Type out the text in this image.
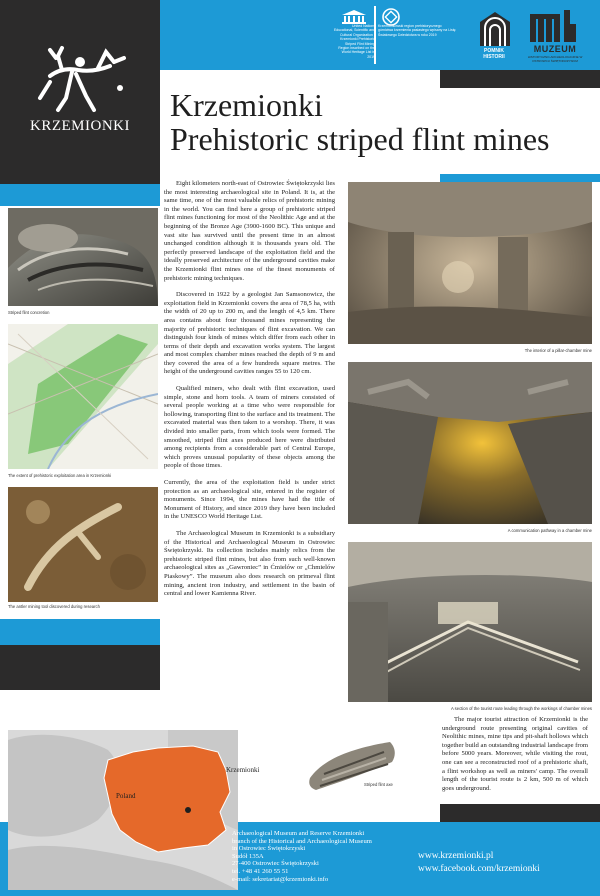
KRZEMIONKI
United Nations Educational, Scientific and Cultural Organization · Krzemionki Prehistoric Striped Flint Mining Region inscribed on the World Heritage List in 2019
Krzemionkowski region prehistorycznego górnictwa krzemienia pasiastego wpisany na Listę Światowego Dziedzictwa w roku 2019
POMNIK HISTORII
MUZEUM
HISTORYCZNO-ARCHEOLOGICZNE W OSTROWCU ŚWIĘTOKRZYSKIM
Krzemionki
Prehistoric striped flint mines
Striped flint concretion
The extent of prehistoric exploitation area in Krzemionki
The antler mining tool discovered during research

Eight kilometers north-east of Ostrowiec Świętokrzyski lies the most interesting archaeological site in Poland. It is, at the same time, one of the most valuable relics of prehistoric mining in the world. You can find here a group of prehistoric striped flint mines functioning for most of the Neolithic Age and at the beginning of the Bronze Age (3900-1600 BC). This unique and vast site has survived until the present time in an almost unchanged condition although it is thousands years old. The perfectly preserved landscape of the exploitation field and the ideally preserved architecture of the underground cavities make the Krzemionki flint mines one of the finest monuments of prehistoric mining techniques.

Discovered in 1922 by a geologist Jan Samsonowicz, the exploitation field in Krzemionki covers the area of 78,5 ha, with the width of 20 up to 200 m, and the length of 4,5 km. There area contains about four thousand mines representing the majority of prehistoric techniques of flint excavation. We can distinguish four kinds of mines which differ from each other in terms of their depth and excavation works system. The largest and most complex chamber mines reached the depth of 9 m and they covered the area of a few hundreds square metres. The height of the underground cavities ranges 55 to 120 cm.

Qualified miners, who dealt with flint excavation, used simple, stone and horn tools. A team of miners consisted of several people working at a time who were responsible for hollowing, transporting flint to the surface and its treatment. The excavated material was then taken to a worshop. There, it was divided into smaller parts, from which tools were formed. The smoothed, striped flint axes produced here were distributed among recipients from a considerable part of Central Europe, which proves unusual popularity of these objects among the people of those times.

Currently, the area of the exploitation field is under strict protection as an archaeological site, entered in the register of monuments. Since 1994, the mines have had the title of Monument of History, and since 2019 they have been included in the UNESCO World Heritage List.

The Archaeological Museum in Krzemionki is a subsidiary of the Historical and Archaeological Museum in Ostrowiec Świętokrzyski. Its collection includes mainly relics from the prehistoric striped flint mines, but also from such well-known archaeological sites as „Gawroniec” in Ćmielów or „Chmielów Piaskowy”. The museum also does research on primeval flint mining, ancient iron industry, and settlement in the basin of central and lower Kamienna River.

The interior of a pillar-chamber mine
A communication pathway in a chamber mine
A section of the tourist route leading through the workings of chamber mines

The major tourist attraction of Krzemionki is the underground route presenting original cavities of Neolithic mines, mine tips and pit-shaft hollows which together build an outstanding industrial landscape from before 5000 years. Moreover, while visiting the rout, one can see a reconstructed roof of a prehistoric shaft, a flint workshop as well as miners' camp. The overall length of the tourist route is 2 km, 500 m of which goes underground.

Poland
Krzemionki
Striped flint axe
Archaeological Museum and Reserve Krzemionki
branch of the Historical and Archaeological Museum
in Ostrowiec Świętokrzyski
Sudół 135A
27-400 Ostrowiec Świętokrzyski
tel. +48 41 260 55 51
e-mail: sekretariat@krzemionki.info
www.krzemionki.pl
www.facebook.com/krzemionki
